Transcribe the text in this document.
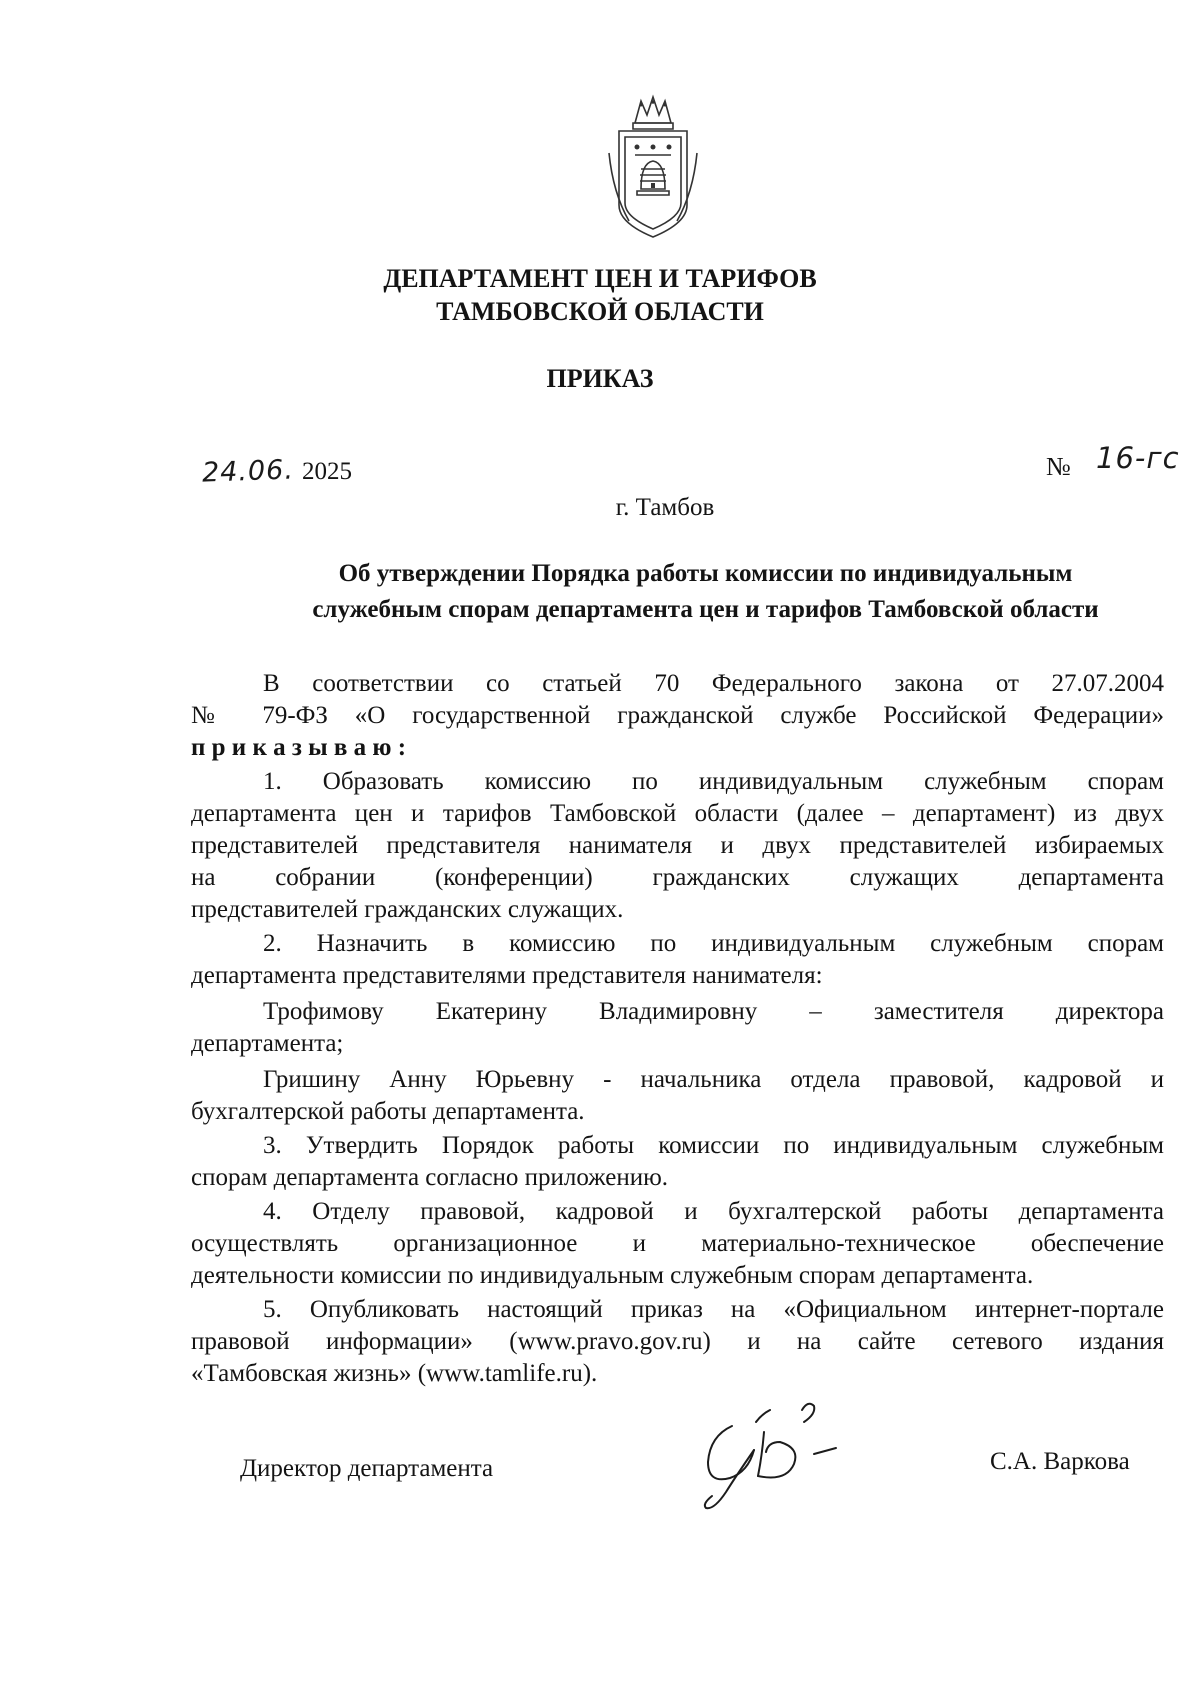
ДЕПАРТАМЕНТ ЦЕН И ТАРИФОВ
ТАМБОВСКОЙ ОБЛАСТИ
ПРИКАЗ
24.06. 2025	№ 16-гс
г. Тамбов
Об утверждении Порядка работы комиссии по индивидуальным
служебным спорам департамента цен и тарифов Тамбовской области
В соответствии со статьей 70 Федерального закона от 27.07.2004
№ 79-ФЗ «О государственной гражданской службе Российской Федерации»
п р и к а з ы в а ю :
1. Образовать комиссию по индивидуальным служебным спорам
департамента цен и тарифов Тамбовской области (далее – департамент) из двух
представителей представителя нанимателя и двух представителей избираемых
на собрании (конференции) гражданских служащих департамента
представителей гражданских служащих.
2. Назначить в комиссию по индивидуальным служебным спорам
департамента представителями представителя нанимателя:
Трофимову Екатерину Владимировну – заместителя директора
департамента;
Гришину Анну Юрьевну - начальника отдела правовой, кадровой и
бухгалтерской работы департамента.
3. Утвердить Порядок работы комиссии по индивидуальным служебным
спорам департамента согласно приложению.
4. Отделу правовой, кадровой и бухгалтерской работы департамента
осуществлять организационное и материально-техническое обеспечение
деятельности комиссии по индивидуальным служебным спорам департамента.
5. Опубликовать настоящий приказ на «Официальном интернет-портале
правовой информации» (www.pravo.gov.ru) и на сайте сетевого издания
«Тамбовская жизнь» (www.tamlife.ru).
Директор департамента	С.А. Варкова
